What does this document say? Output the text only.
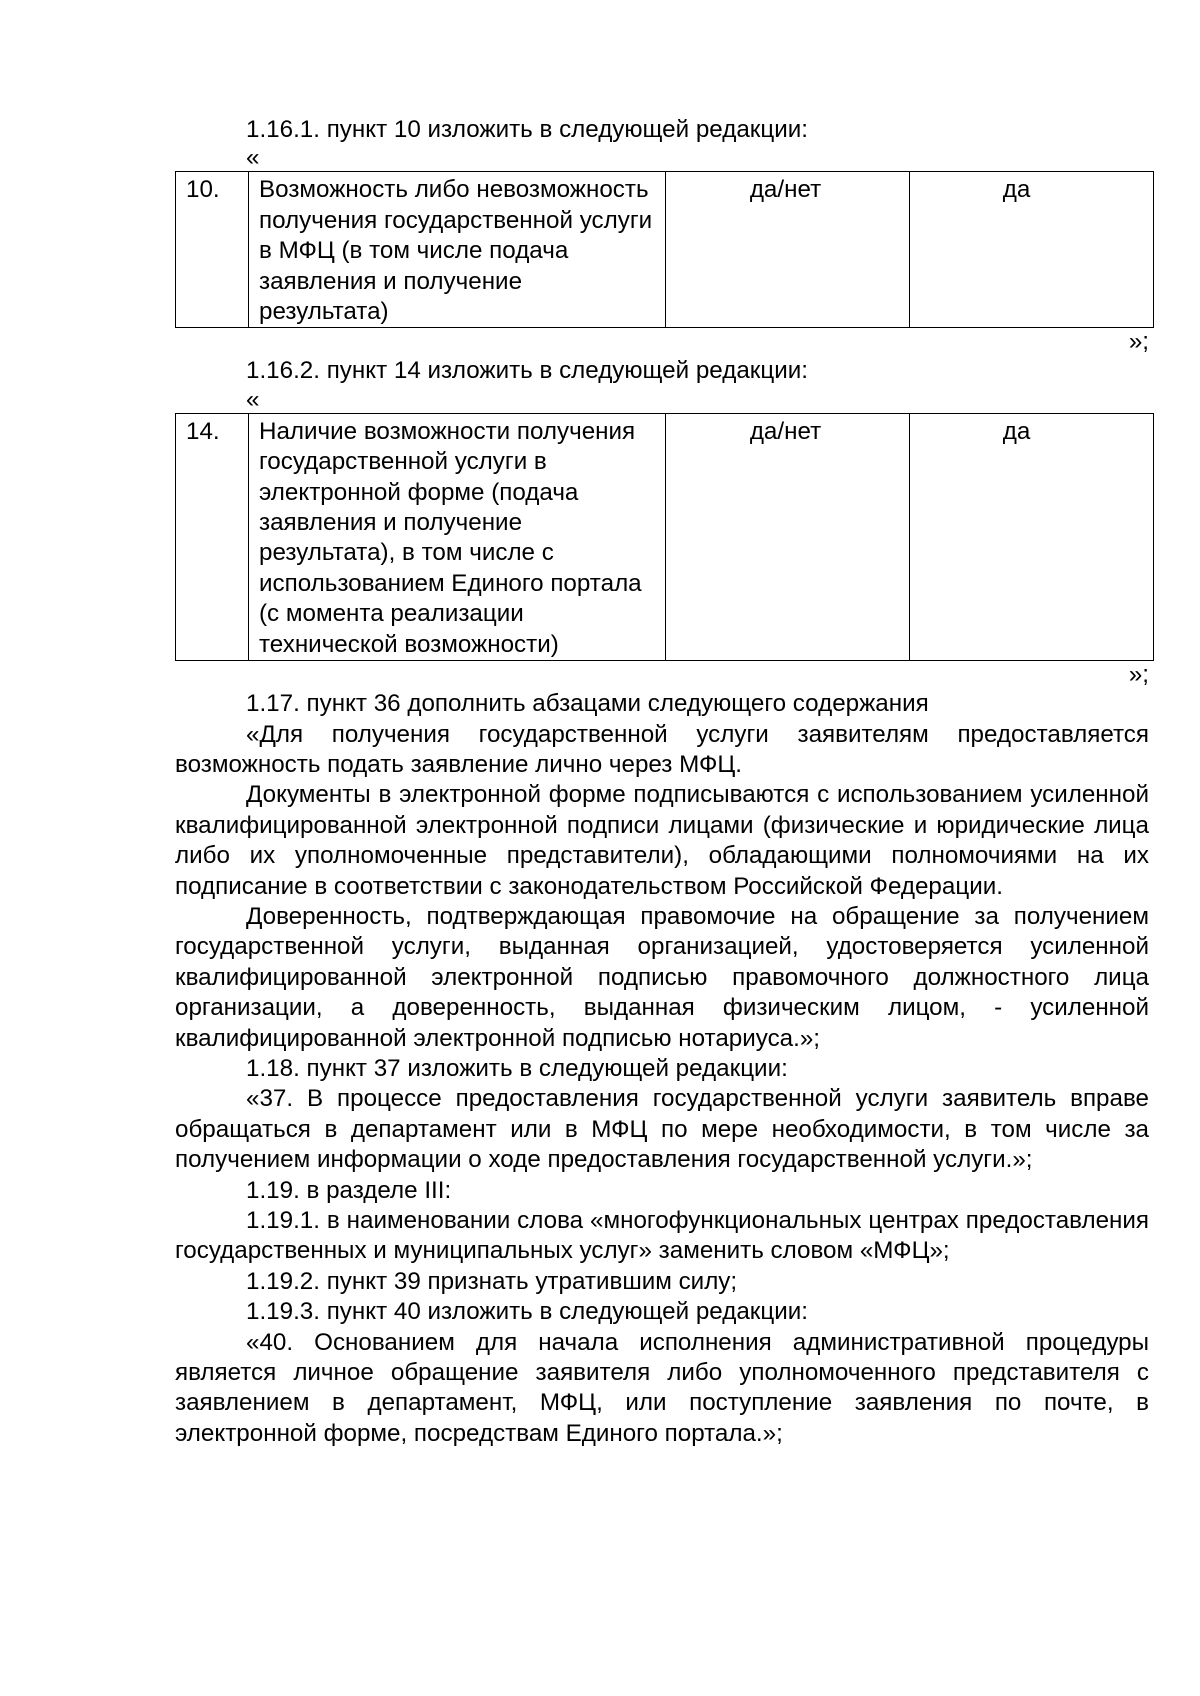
1.16.1. пункт 10 изложить в следующей редакции:

«

10.	Возможность либо невозможность получения государственной услуги в МФЦ (в том числе подача заявления и получение результата)	да/нет	да

»;

1.16.2. пункт 14 изложить в следующей редакции:

«

14.	Наличие возможности получения государственной услуги в электронной форме (подача заявления и получение результата), в том числе с использованием Единого портала (с момента реализации технической возможности)	да/нет	да

»;

1.17. пункт 36 дополнить абзацами следующего содержания

«Для получения государственной услуги заявителям предоставляется возможность подать заявление лично через МФЦ.

Документы в электронной форме подписываются с использованием усиленной квалифицированной электронной подписи лицами (физические и юридические лица либо их уполномоченные представители), обладающими полномочиями на их подписание в соответствии с законодательством Российской Федерации.

Доверенность, подтверждающая правомочие на обращение за получением государственной услуги, выданная организацией, удостоверяется усиленной квалифицированной электронной подписью правомочного должностного лица организации, а доверенность, выданная физическим лицом, - усиленной квалифицированной электронной подписью нотариуса.»;

1.18. пункт 37 изложить в следующей редакции:

«37. В процессе предоставления государственной услуги заявитель вправе обращаться в департамент или в МФЦ по мере необходимости, в том числе за получением информации о ходе предоставления государственной услуги.»;

1.19. в разделе III:

1.19.1. в наименовании слова «многофункциональных центрах предоставления государственных и муниципальных услуг» заменить словом «МФЦ»;

1.19.2. пункт 39 признать утратившим силу;

1.19.3. пункт 40 изложить в следующей редакции:

«40. Основанием для начала исполнения административной процедуры является личное обращение заявителя либо уполномоченного представителя с заявлением в департамент, МФЦ, или поступление заявления по почте, в электронной форме, посредствам Единого портала.»;
